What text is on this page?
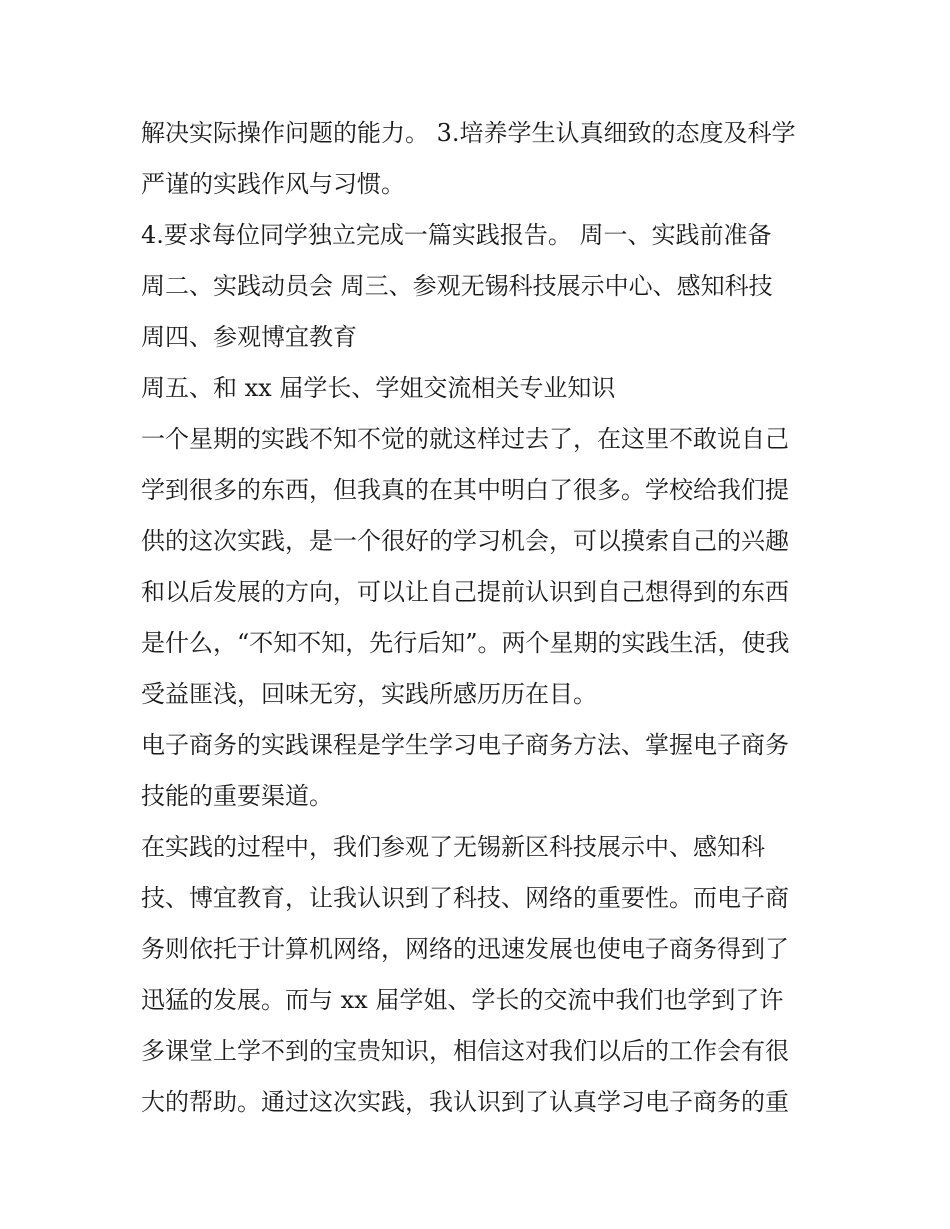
解决实际操作问题的能力。 3.培养学生认真细致的态度及科学
严谨的实践作风与习惯。
4.要求每位同学独立完成一篇实践报告。 周一、实践前准备
周二、实践动员会 周三、参观无锡科技展示中心、感知科技
周四、参观博宜教育
周五、和 xx 届学长、学姐交流相关专业知识
一个星期的实践不知不觉的就这样过去了，在这里不敢说自己
学到很多的东西，但我真的在其中明白了很多。学校给我们提
供的这次实践，是一个很好的学习机会，可以摸索自己的兴趣
和以后发展的方向，可以让自己提前认识到自己想得到的东西
是什么，“不知不知，先行后知”。两个星期的实践生活，使我
受益匪浅，回味无穷，实践所感历历在目。
电子商务的实践课程是学生学习电子商务方法、掌握电子商务
技能的重要渠道。
在实践的过程中，我们参观了无锡新区科技展示中、感知科
技、博宜教育，让我认识到了科技、网络的重要性。而电子商
务则依托于计算机网络，网络的迅速发展也使电子商务得到了
迅猛的发展。而与 xx 届学姐、学长的交流中我们也学到了许
多课堂上学不到的宝贵知识，相信这对我们以后的工作会有很
大的帮助。通过这次实践，我认识到了认真学习电子商务的重
